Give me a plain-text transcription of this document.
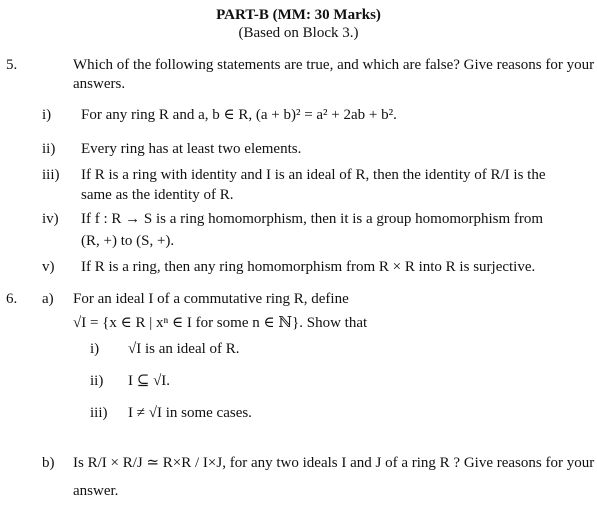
PART-B (MM: 30 Marks)
(Based on Block 3.)
5.	Which of the following statements are true, and which are false? Give reasons for your
answers.
i) For any ring R and a, b ∈ R, (a + b)² = a² + 2ab + b².
ii) Every ring has at least two elements.
iii) If R is a ring with identity and I is an ideal of R, then the identity of R/I is the
same as the identity of R.
iv) If f : R → S is a ring homomorphism, then it is a group homomorphism from
(R, +) to (S, +).
v) If R is a ring, then any ring homomorphism from R × R into R is surjective.
6. a) For an ideal I of a commutative ring R, define
√I = {x ∈ R | xⁿ ∈ I for some n ∈ ℕ}. Show that
i) √I is an ideal of R.
ii) I ⊆ √I.
iii) I ≠ √I in some cases.
b) Is R/I × R/J ≃ R×R / I×J, for any two ideals I and J of a ring R ? Give reasons for your
answer.
